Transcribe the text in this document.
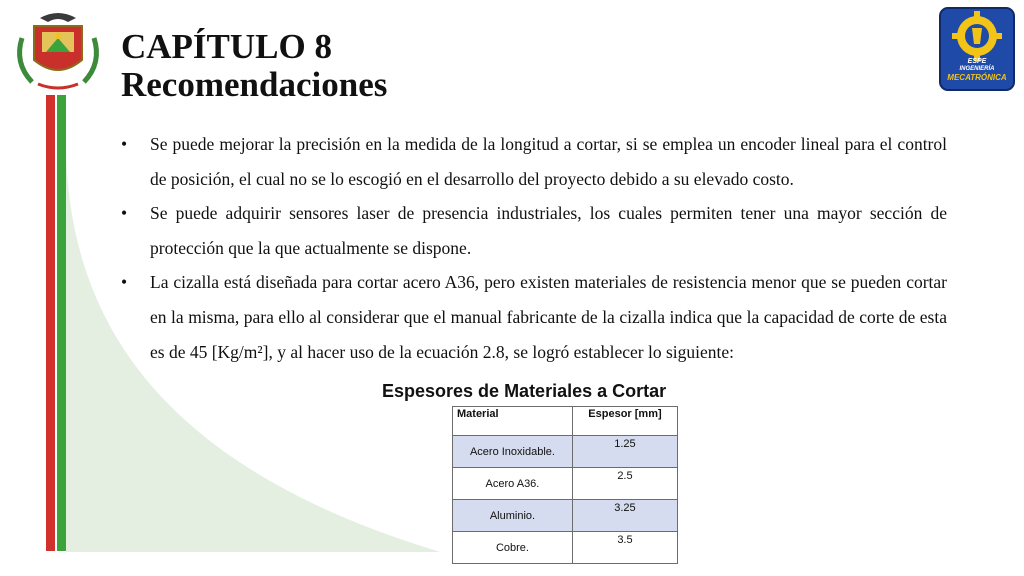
ESPE
INGENIERÍA
MECATRÓNICA
CAPÍTULO 8
Recomendaciones
• Se puede mejorar la precisión en la medida de la longitud a cortar, si se emplea un encoder lineal para el control de posición, el cual no se lo escogió en el desarrollo del proyecto debido a su elevado costo.
• Se puede adquirir sensores laser de presencia industriales, los cuales permiten tener una mayor sección de protección que la que actualmente se dispone.
• La cizalla está diseñada para cortar acero A36, pero existen materiales de resistencia menor que se pueden cortar en la misma, para ello al considerar que el manual fabricante de la cizalla indica que la capacidad de corte de esta es de 45 [Kg/m²], y al hacer uso de la ecuación 2.8, se logró establecer lo siguiente:
Espesores de Materiales a Cortar
Material	Espesor [mm]
Acero Inoxidable.	1.25
Acero A36.	2.5
Aluminio.	3.25
Cobre.	3.5
